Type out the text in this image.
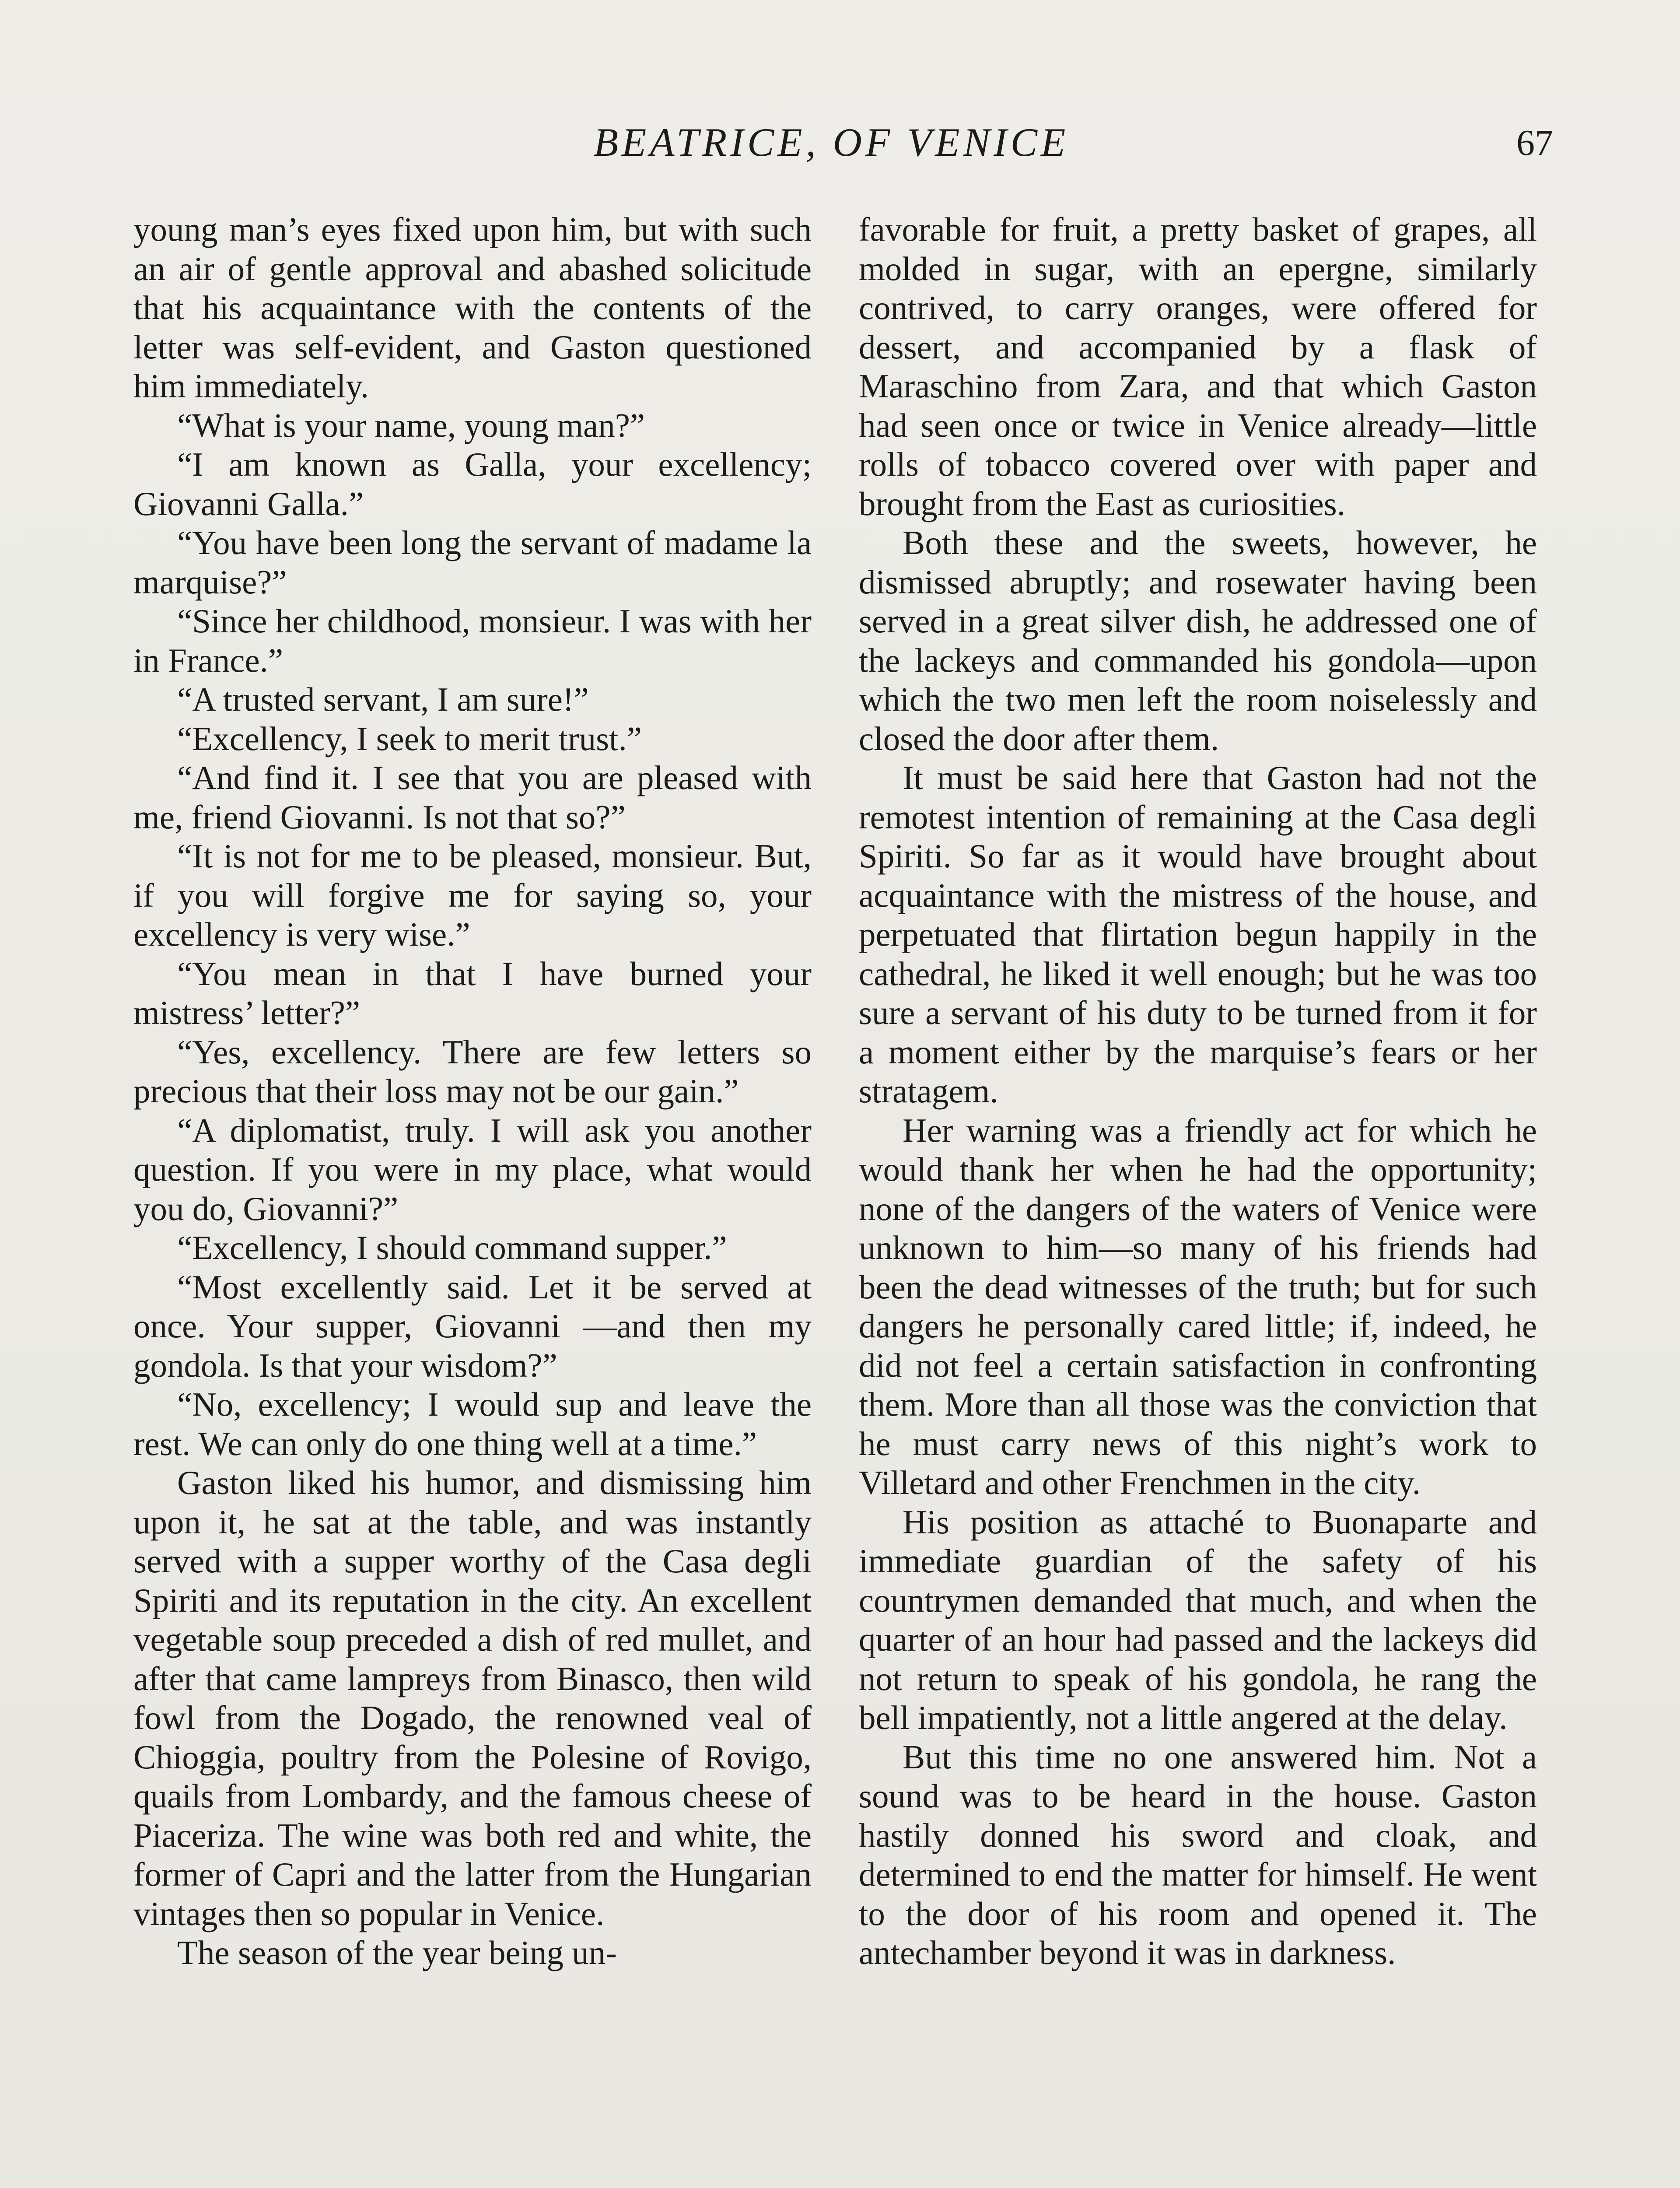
BEATRICE, OF VENICE	67

young man’s eyes fixed upon him, but with such an air of gentle approval and abashed solicitude that his acquaintance with the contents of the letter was self-evident, and Gaston questioned him immediately.

“What is your name, young man?”

“I am known as Galla, your excellency; Giovanni Galla.”

“You have been long the servant of madame la marquise?”

“Since her childhood, monsieur. I was with her in France.”

“A trusted servant, I am sure!”

“Excellency, I seek to merit trust.”

“And find it. I see that you are pleased with me, friend Giovanni. Is not that so?”

“It is not for me to be pleased, monsieur. But, if you will forgive me for saying so, your excellency is very wise.”

“You mean in that I have burned your mistress’ letter?”

“Yes, excellency. There are few letters so precious that their loss may not be our gain.”

“A diplomatist, truly. I will ask you another question. If you were in my place, what would you do, Giovanni?”

“Excellency, I should command supper.”

“Most excellently said. Let it be served at once. Your supper, Giovanni —and then my gondola. Is that your wisdom?”

“No, excellency; I would sup and leave the rest. We can only do one thing well at a time.”

Gaston liked his humor, and dismissing him upon it, he sat at the table, and was instantly served with a supper worthy of the Casa degli Spiriti and its reputation in the city. An excellent vegetable soup preceded a dish of red mullet, and after that came lampreys from Binasco, then wild fowl from the Dogado, the renowned veal of Chioggia, poultry from the Polesine of Rovigo, quails from Lombardy, and the famous cheese of Piaceriza. The wine was both red and white, the former of Capri and the latter from the Hungarian vintages then so popular in Venice.

The season of the year being un-

favorable for fruit, a pretty basket of grapes, all molded in sugar, with an epergne, similarly contrived, to carry oranges, were offered for dessert, and accompanied by a flask of Maraschino from Zara, and that which Gaston had seen once or twice in Venice already—little rolls of tobacco covered over with paper and brought from the East as curiosities.

Both these and the sweets, however, he dismissed abruptly; and rosewater having been served in a great silver dish, he addressed one of the lackeys and commanded his gondola—upon which the two men left the room noiselessly and closed the door after them.

It must be said here that Gaston had not the remotest intention of remaining at the Casa degli Spiriti. So far as it would have brought about acquaintance with the mistress of the house, and perpetuated that flirtation begun happily in the cathedral, he liked it well enough; but he was too sure a servant of his duty to be turned from it for a moment either by the marquise’s fears or her stratagem.

Her warning was a friendly act for which he would thank her when he had the opportunity; none of the dangers of the waters of Venice were unknown to him—so many of his friends had been the dead witnesses of the truth; but for such dangers he personally cared little; if, indeed, he did not feel a certain satisfaction in confronting them. More than all those was the conviction that he must carry news of this night’s work to Villetard and other Frenchmen in the city.

His position as attaché to Buonaparte and immediate guardian of the safety of his countrymen demanded that much, and when the quarter of an hour had passed and the lackeys did not return to speak of his gondola, he rang the bell impatiently, not a little angered at the delay.

But this time no one answered him. Not a sound was to be heard in the house. Gaston hastily donned his sword and cloak, and determined to end the matter for himself. He went to the door of his room and opened it. The antechamber beyond it was in darkness.
